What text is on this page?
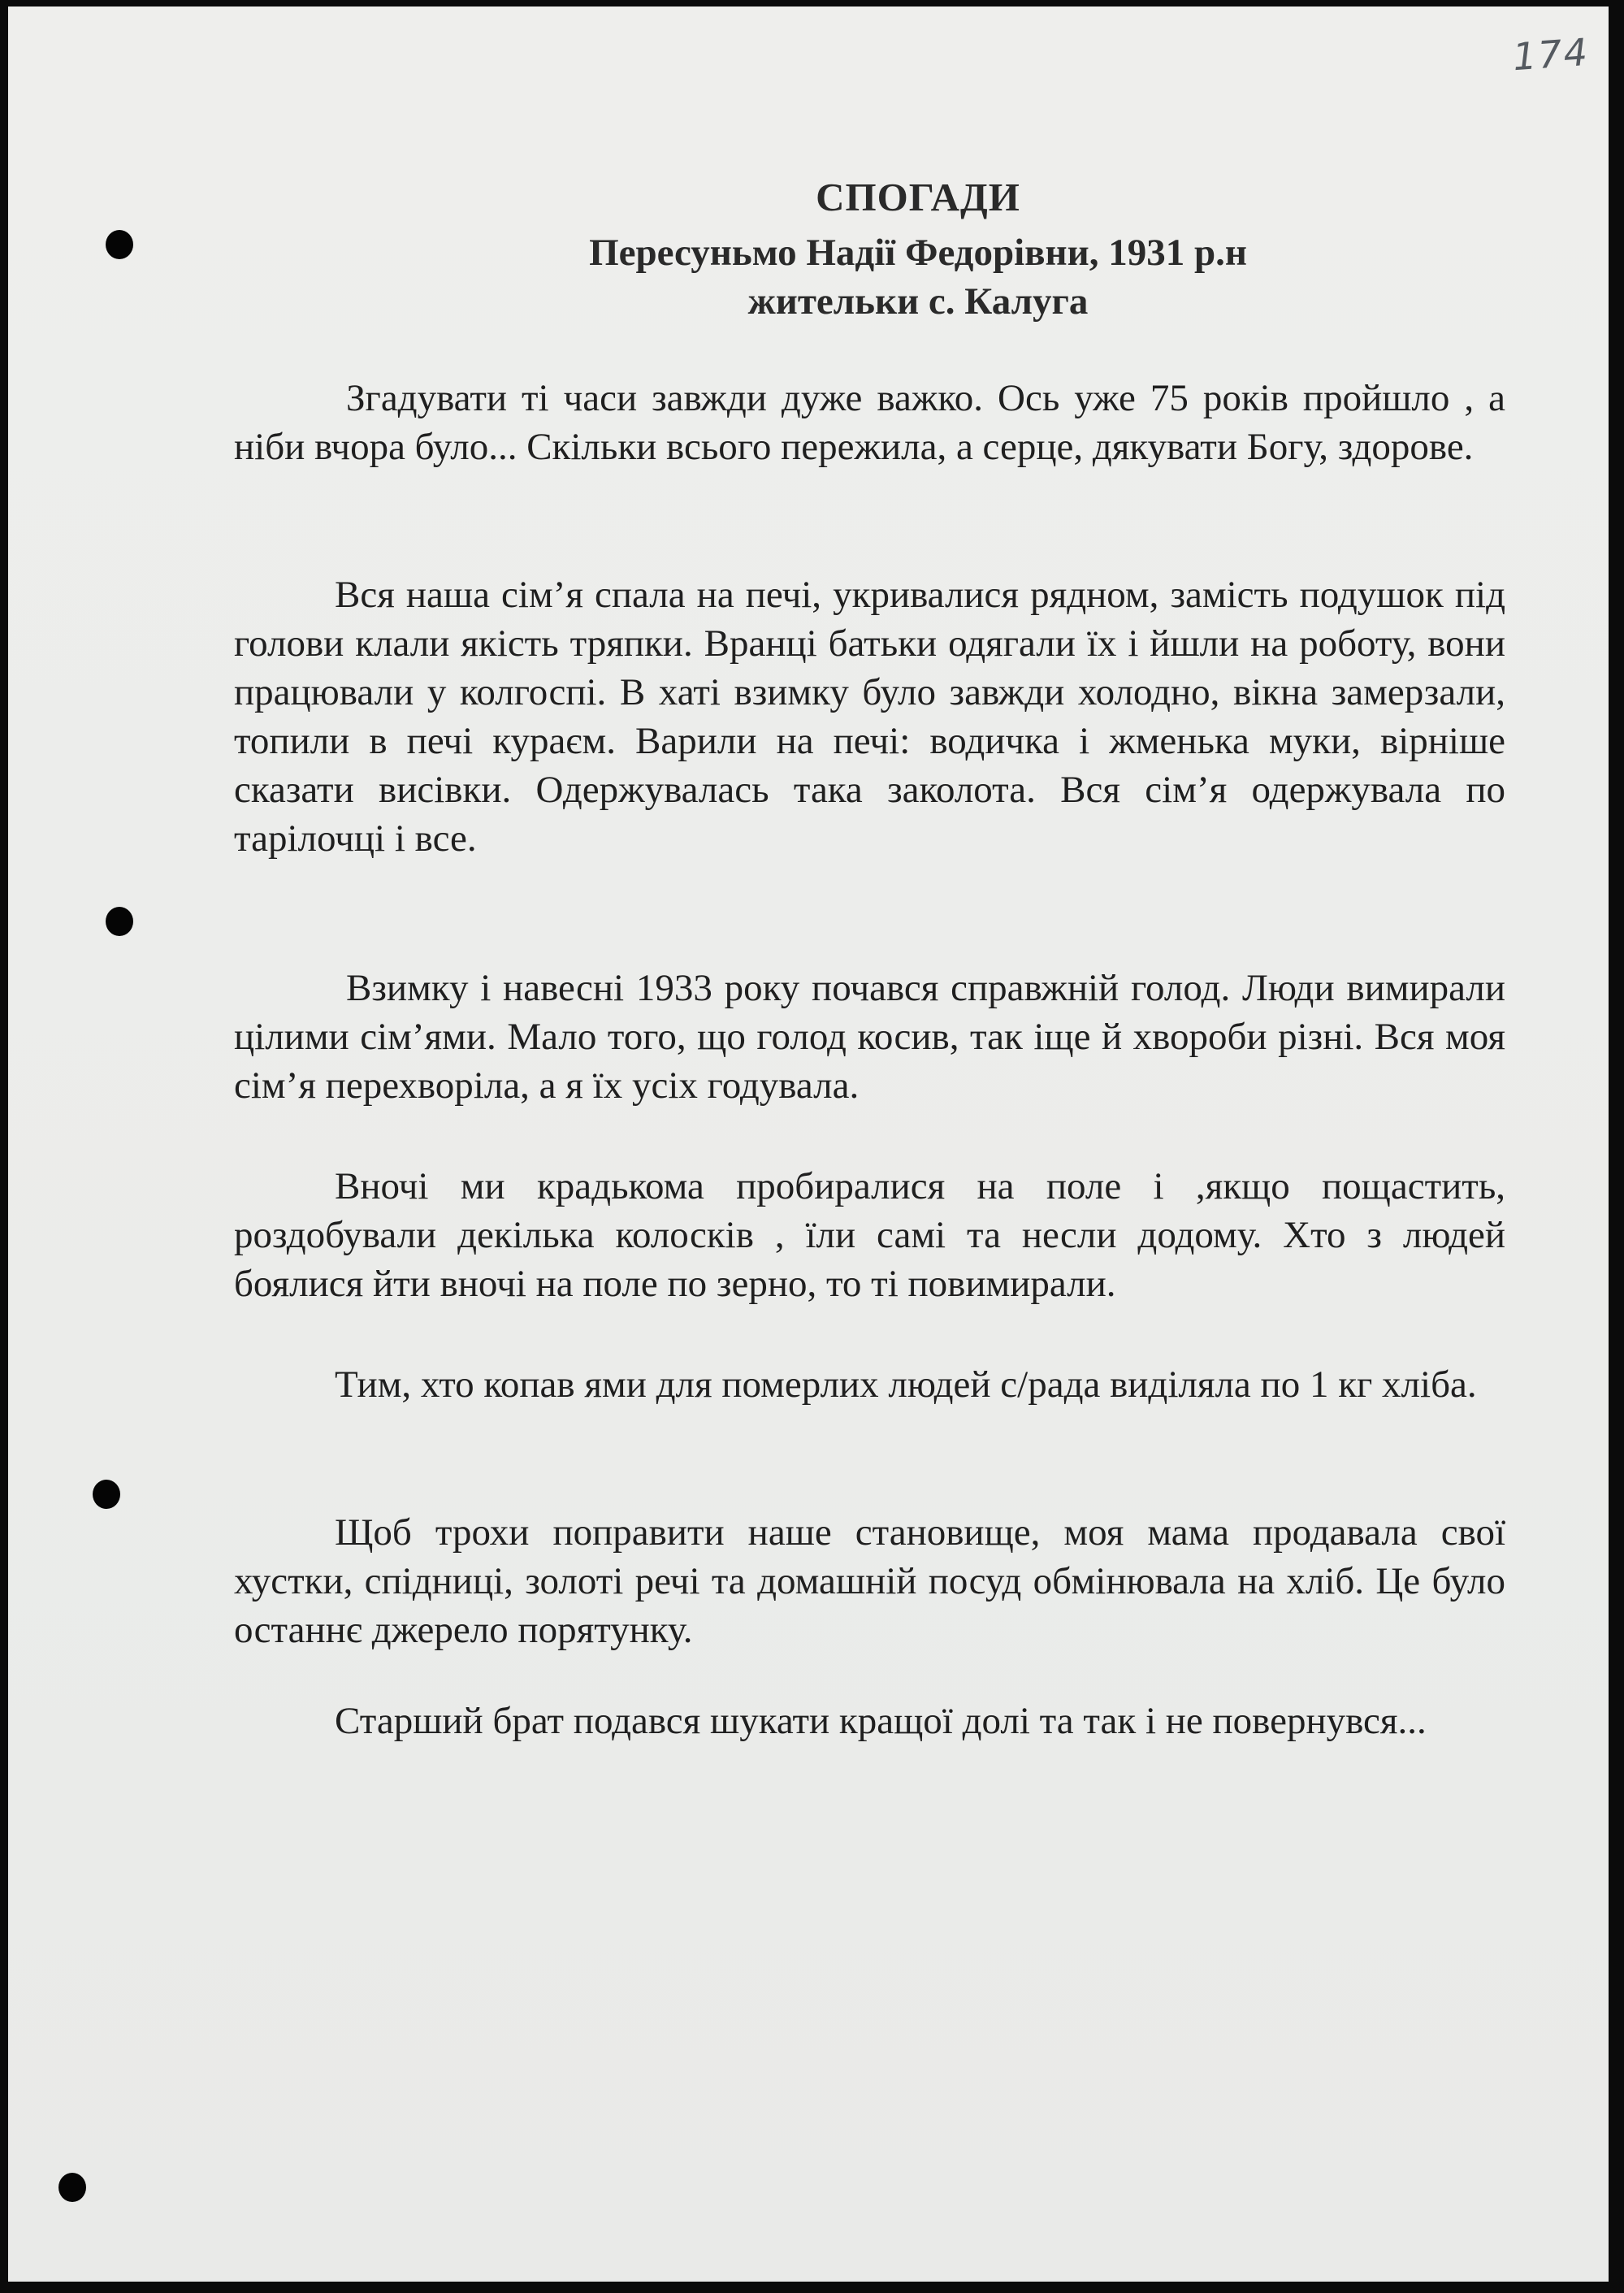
174
СПОГАДИ
Пересуньмо Надії Федорівни, 1931 р.н
жительки с. Калуга

Згадувати ті часи завжди дуже важко. Ось уже 75 років пройшло , а ніби вчора було... Скільки всього пережила, а серце, дякувати Богу, здорове.

Вся наша сім’я спала на печі, укривалися рядном, замість подушок під голови клали якість тряпки. Вранці батьки одягали їх і йшли на роботу, вони працювали у колгоспі. В хаті взимку було завжди холодно, вікна замерзали, топили в печі кураєм. Варили на печі: водичка і жменька муки, вірніше сказати висівки. Одержувалась така заколота. Вся сім’я одержувала по тарілочці і все.

Взимку і навесні 1933 року почався справжній голод. Люди вимирали цілими сім’ями. Мало того, що голод косив, так іще й хвороби різні. Вся моя сім’я перехворіла, а я їх усіх годувала.

Вночі ми крадькома пробиралися на поле і ,якщо пощастить, роздобували декілька колосків , їли самі та несли додому. Хто з людей боялися йти вночі на поле по зерно, то ті повимирали.

Тим, хто копав ями для померлих людей с/рада виділяла по 1 кг хліба.

Щоб трохи поправити наше становище, моя мама продавала свої хустки, спідниці, золоті речі та домашній посуд обмінювала на хліб. Це було останнє джерело порятунку.

Старший брат подався шукати кращої долі та так і не повернувся...
